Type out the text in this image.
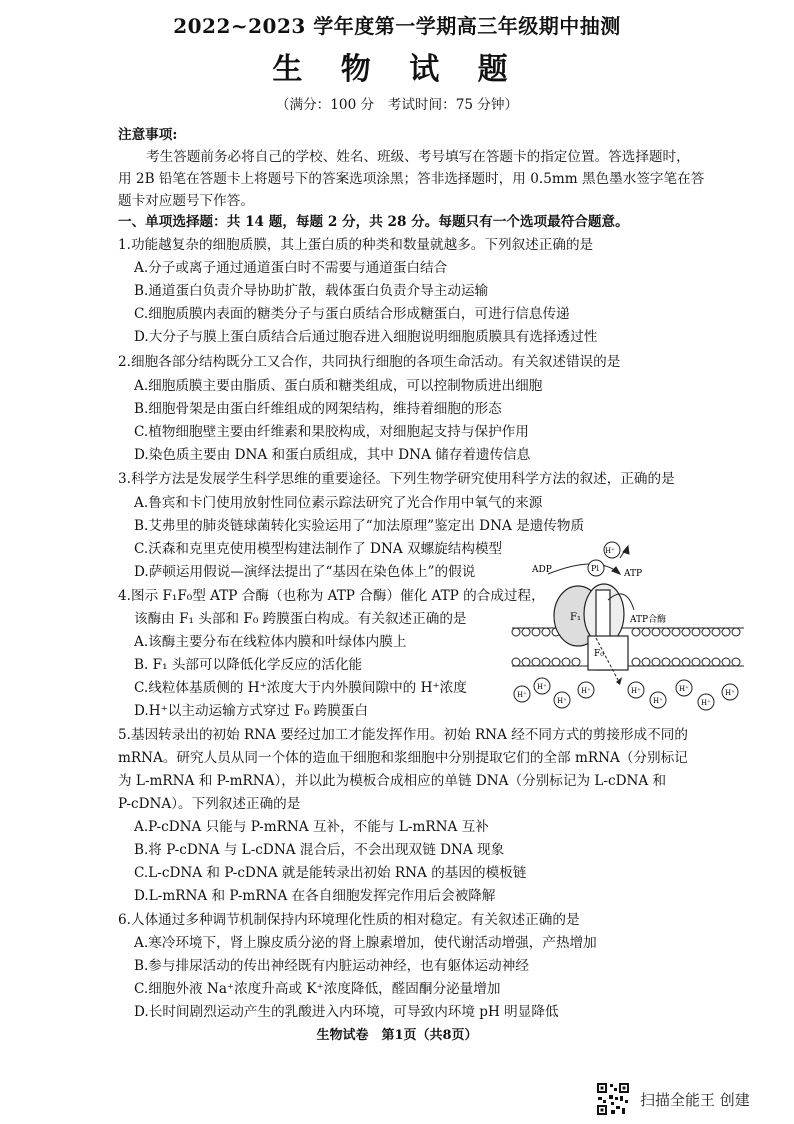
2022~2023 学年度第一学期高三年级期中抽测
生 物 试 题
（满分：100 分　考试时间：75 分钟）
注意事项:
考生答题前务必将自己的学校、姓名、班级、考号填写在答题卡的指定位置。答选择题时，
用 2B 铅笔在答题卡上将题号下的答案选项涂黑；答非选择题时，用 0.5mm 黑色墨水签字笔在答
题卡对应题号下作答。
一、单项选择题：共 14 题，每题 2 分，共 28 分。每题只有一个选项最符合题意。
1.功能越复杂的细胞质膜，其上蛋白质的种类和数量就越多。下列叙述正确的是
A.分子或离子通过通道蛋白时不需要与通道蛋白结合
B.通道蛋白负责介导协助扩散，载体蛋白负责介导主动运输
C.细胞质膜内表面的糖类分子与蛋白质结合形成糖蛋白，可进行信息传递
D.大分子与膜上蛋白质结合后通过胞吞进入细胞说明细胞质膜具有选择透过性
2.细胞各部分结构既分工又合作，共同执行细胞的各项生命活动。有关叙述错误的是
A.细胞质膜主要由脂质、蛋白质和糖类组成，可以控制物质进出细胞
B.细胞骨架是由蛋白纤维组成的网架结构，维持着细胞的形态
C.植物细胞壁主要由纤维素和果胶构成，对细胞起支持与保护作用
D.染色质主要由 DNA 和蛋白质组成，其中 DNA 储存着遗传信息
3.科学方法是发展学生科学思维的重要途径。下列生物学研究使用科学方法的叙述，正确的是
A.鲁宾和卡门使用放射性同位素示踪法研究了光合作用中氧气的来源
B.艾弗里的肺炎链球菌转化实验运用了“加法原理”鉴定出 DNA 是遗传物质
C.沃森和克里克使用模型构建法制作了 DNA 双螺旋结构模型
D.萨顿运用假说—演绎法提出了“基因在染色体上”的假说
4.图示 F₁F₀型 ATP 合酶（也称为 ATP 合酶）催化 ATP 的合成过程，
该酶由 F₁ 头部和 F₀ 跨膜蛋白构成。有关叙述正确的是
A.该酶主要分布在线粒体内膜和叶绿体内膜上
B. F₁ 头部可以降低化学反应的活化能
C.线粒体基质侧的 H⁺浓度大于内外膜间隙中的 H⁺浓度
D.H⁺以主动运输方式穿过 F₀ 跨膜蛋白
H⁺
H⁺
H⁺
H⁺	H⁺
H⁺
H⁺
H⁺
H⁺
ADP	Pi
ATP
H⁺
ATP合酶
F₁
F₀
5.基因转录出的初始 RNA 要经过加工才能发挥作用。初始 RNA 经不同方式的剪接形成不同的
mRNA。研究人员从同一个体的造血干细胞和浆细胞中分别提取它们的全部 mRNA（分别标记
为 L-mRNA 和 P-mRNA），并以此为模板合成相应的单链 DNA（分别标记为 L-cDNA 和
P-cDNA）。下列叙述正确的是
A.P-cDNA 只能与 P-mRNA 互补，不能与 L-mRNA 互补
B.将 P-cDNA 与 L-cDNA 混合后，不会出现双链 DNA 现象
C.L-cDNA 和 P-cDNA 就是能转录出初始 RNA 的基因的模板链
D.L-mRNA 和 P-mRNA 在各自细胞发挥完作用后会被降解
6.人体通过多种调节机制保持内环境理化性质的相对稳定。有关叙述正确的是
A.寒冷环境下，肾上腺皮质分泌的肾上腺素增加，使代谢活动增强，产热增加
B.参与排尿活动的传出神经既有内脏运动神经，也有躯体运动神经
C.细胞外液 Na⁺浓度升高或 K⁺浓度降低，醛固酮分泌量增加
D.长时间剧烈运动产生的乳酸进入内环境，可导致内环境 pH 明显降低
生物试卷　第1页（共8页）
扫描全能王 创建
